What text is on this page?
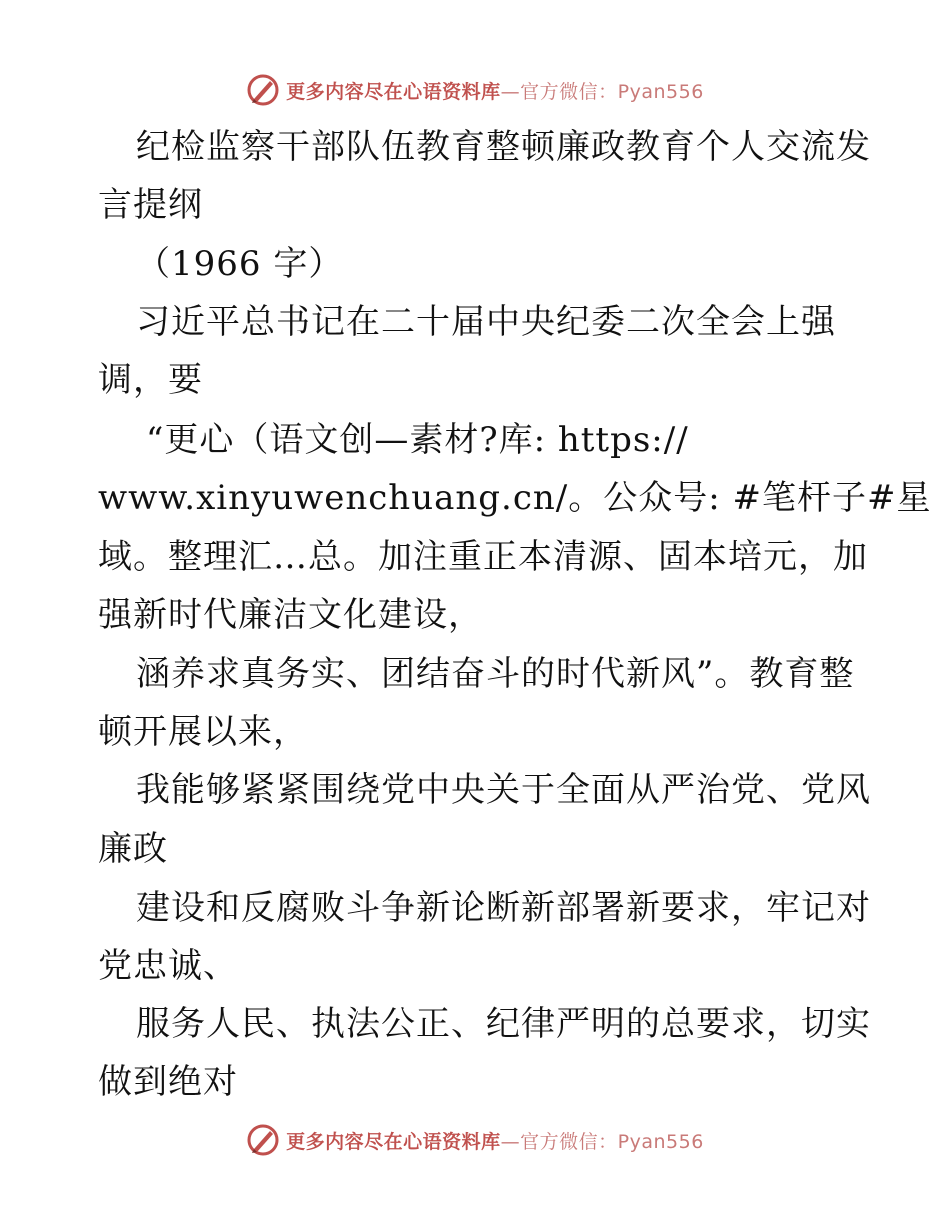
更多内容尽在心语资料库—官方微信：Pyan556
纪检监察干部队伍教育整顿廉政教育个人交流发
言提纲
（1966 字）
习近平总书记在二十届中央纪委二次全会上强
调，要
“更心（语文创—素材?库: https://
www.xinyuwenchuang.cn/。公众号: #笔杆子#星
域。整理汇…总。加注重正本清源、固本培元，加
强新时代廉洁文化建设，
涵养求真务实、团结奋斗的时代新风”。教育整
顿开展以来，
我能够紧紧围绕党中央关于全面从严治党、党风
廉政
建设和反腐败斗争新论断新部署新要求，牢记对
党忠诚、
服务人民、执法公正、纪律严明的总要求，切实
做到绝对
更多内容尽在心语资料库—官方微信：Pyan556
